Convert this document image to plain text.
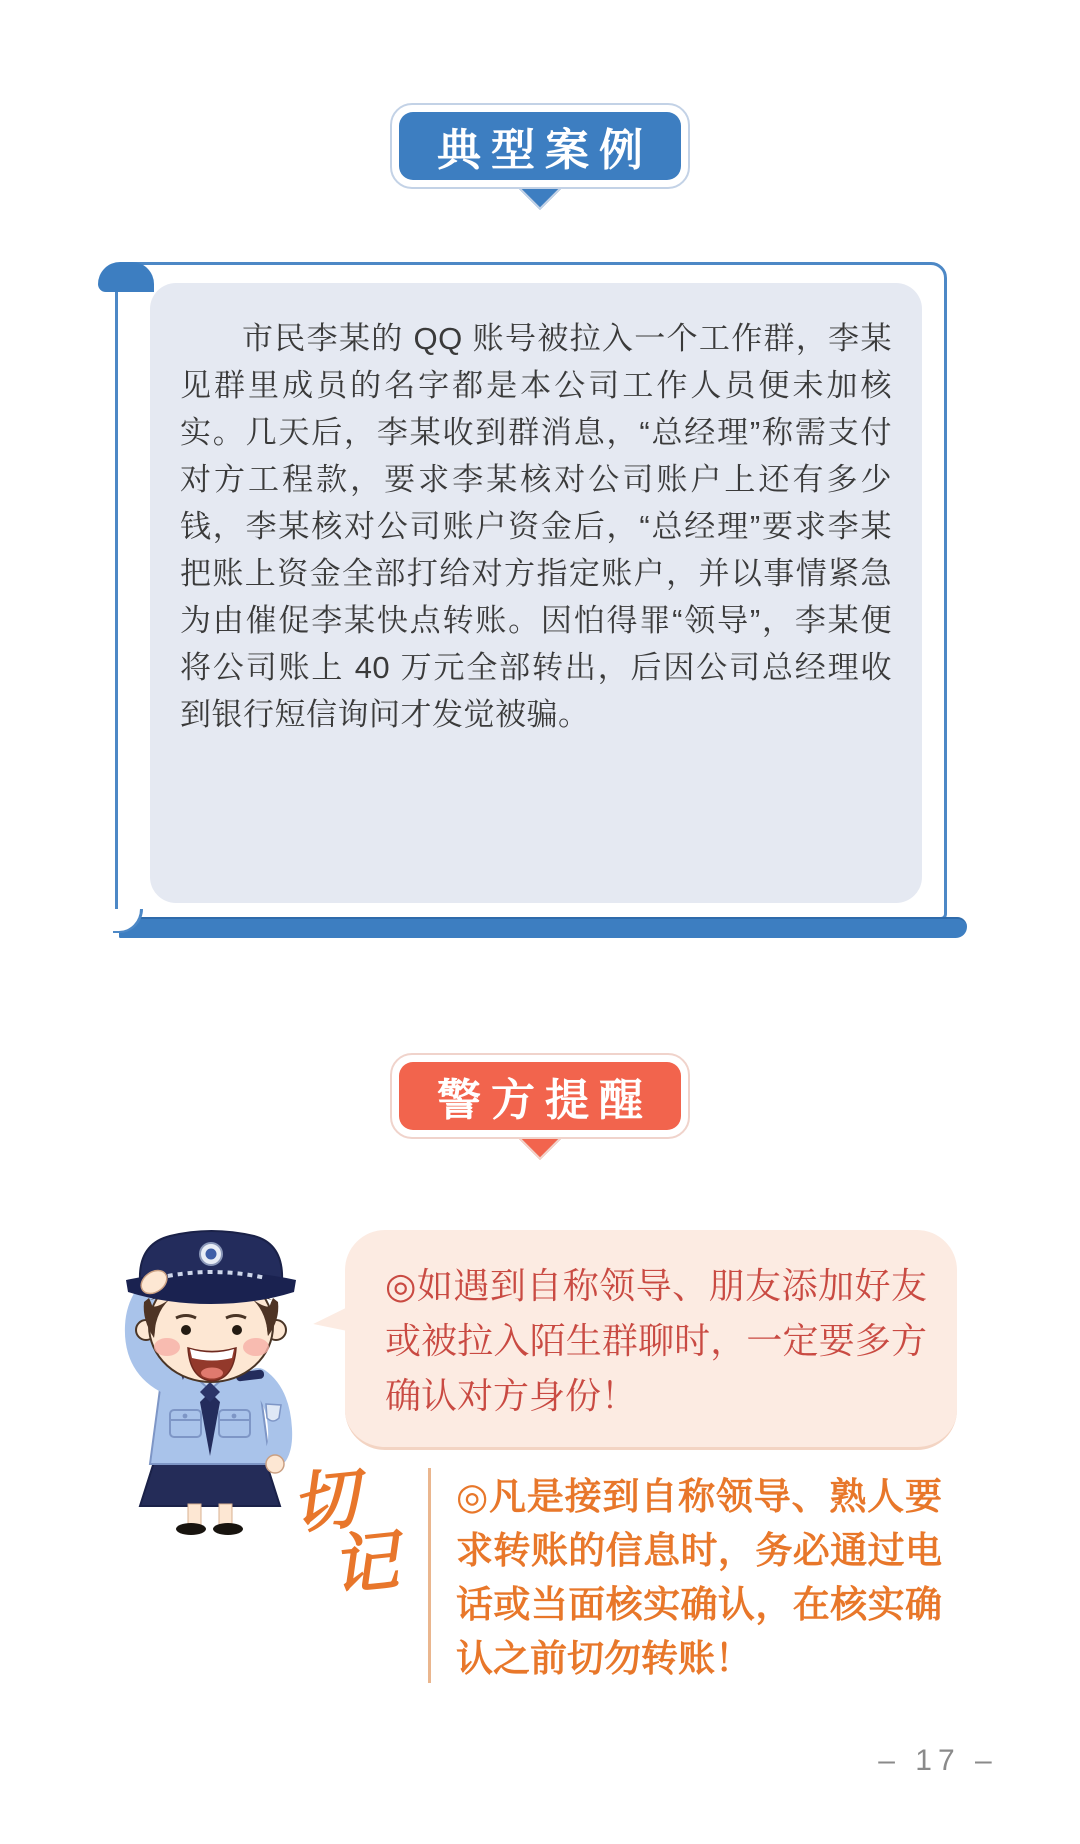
典型案例

市民李某的 QQ 账号被拉入一个工作群，李某见群里成员的名字都是本公司工作人员便未加核实。几天后，李某收到群消息，“总经理”称需支付对方工程款，要求李某核对公司账户上还有多少钱，李某核对公司账户资金后，“总经理”要求李某把账上资金全部打给对方指定账户，并以事情紧急为由催促李某快点转账。因怕得罪“领导”，李某便将公司账上 40 万元全部转出，后因公司总经理收到银行短信询问才发觉被骗。

警方提醒

◎如遇到自称领导、朋友添加好友或被拉入陌生群聊时，一定要多方确认对方身份！

切
记

◎凡是接到自称领导、熟人要求转账的信息时，务必通过电话或当面核实确认，在核实确认之前切勿转账！

– 17 –
